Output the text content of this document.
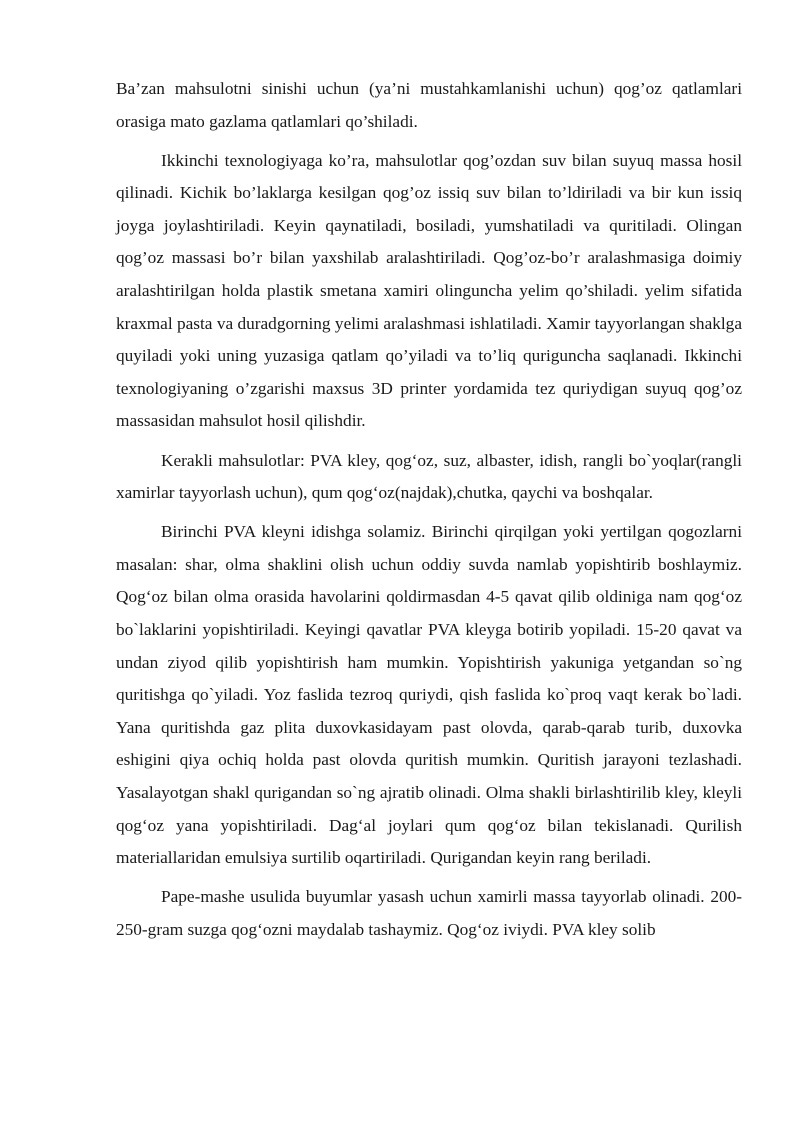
Ba’zan mahsulotni sinishi uchun (ya’ni mustahkamlanishi uchun) qog’oz qatlamlari orasiga mato gazlama qatlamlari qo’shiladi.

Ikkinchi texnologiyaga ko’ra, mahsulotlar qog’ozdan suv bilan suyuq massa hosil qilinadi. Kichik bo’laklarga kesilgan qog’oz issiq suv bilan to’ldiriladi va bir kun issiq joyga joylashtiriladi. Keyin qaynatiladi, bosiladi, yumshatiladi va quritiladi. Olingan qog’oz massasi bo’r bilan yaxshilab aralashtiriladi. Qog’oz-bo’r aralashmasiga doimiy aralashtirilgan holda plastik smetana xamiri olinguncha yelim qo’shiladi. yelim sifatida kraxmal pasta va duradgorning yelimi aralashmasi ishlatiladi. Xamir tayyorlangan shaklga quyiladi yoki uning yuzasiga qatlam qo’yiladi va to’liq qurigunchа saqlanadi. Ikkinchi texnologiyaning o’zgarishi maxsus 3D printer yordamida tez quriydigan suyuq qog’oz massasidan mahsulot hosil qilishdir.

Kerakli mahsulotlar: PVA kley, qog‘oz, suz, albaster, idish, rangli bo`yoqlar(rangli xamirlar tayyorlash uchun), qum qog‘oz(najdak),chutka, qaychi va boshqalar.

Birinchi PVA kleyni idishga solamiz. Birinchi qirqilgan yoki yertilgan qogozlarni masalan: shar, olma shaklini olish uchun oddiy suvda namlab yopishtirib boshlaymiz. Qog‘oz bilan olma orasida havolarini qoldirmasdan 4-5 qavat qilib oldiniga nam qog‘oz bo`laklarini yopishtiriladi. Keyingi qavatlar PVA kleyga botirib yopiladi. 15-20 qavat va undan ziyod qilib yopishtirish ham mumkin. Yopishtirish yakuniga yetgandan so`ng quritishga qo`yiladi. Yoz faslida tezroq quriydi, qish faslida ko`proq vaqt kerak bo`ladi. Yana quritishda gaz plita duxovkasidayam past olovda, qarab-qarab turib, duxovka eshigini qiya ochiq holda past olovda quritish mumkin. Quritish jarayoni tezlashadi. Yasalayotgan shakl qurigandan so`ng ajratib olinadi. Olma shakli birlashtirilib kley, kleyli qog‘oz yana yopishtiriladi. Dag‘al joylari qum qog‘oz bilan tekislanadi. Qurilish materiallaridan emulsiya surtilib oqartiriladi. Qurigandan keyin rang beriladi.

Pape-mashe usulida buyumlar yasash uchun xamirli massa tayyorlab olinadi. 200-250-gram suzga qog‘ozni maydalab tashaymiz. Qog‘oz iviydi. PVA kley solib
